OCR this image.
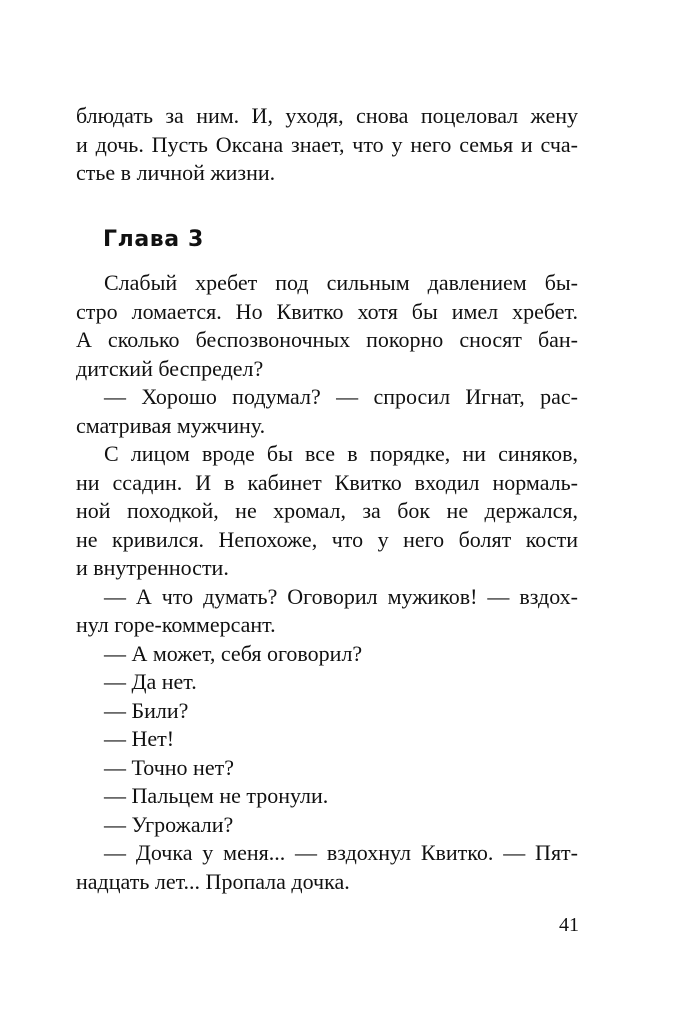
блюдать за ним. И, уходя, снова поцеловал жену
и дочь. Пусть Оксана знает, что у него семья и сча-
стье в личной жизни.
Глава 3
Слабый хребет под сильным давлением бы-
стро ломается. Но Квитко хотя бы имел хребет.
А сколько беспозвоночных покорно сносят бан-
дитский беспредел?
— Хорошо подумал? — спросил Игнат, рас-
сматривая мужчину.
С лицом вроде бы все в порядке, ни синяков,
ни ссадин. И в кабинет Квитко входил нормаль-
ной походкой, не хромал, за бок не держался,
не кривился. Непохоже, что у него болят кости
и внутренности.
— А что думать? Оговорил мужиков! — вздох-
нул горе-коммерсант.
— А может, себя оговорил?
— Да нет.
— Били?
— Нет!
— Точно нет?
— Пальцем не тронули.
— Угрожали?
— Дочка у меня... — вздохнул Квитко. — Пят-
надцать лет... Пропала дочка.
41
